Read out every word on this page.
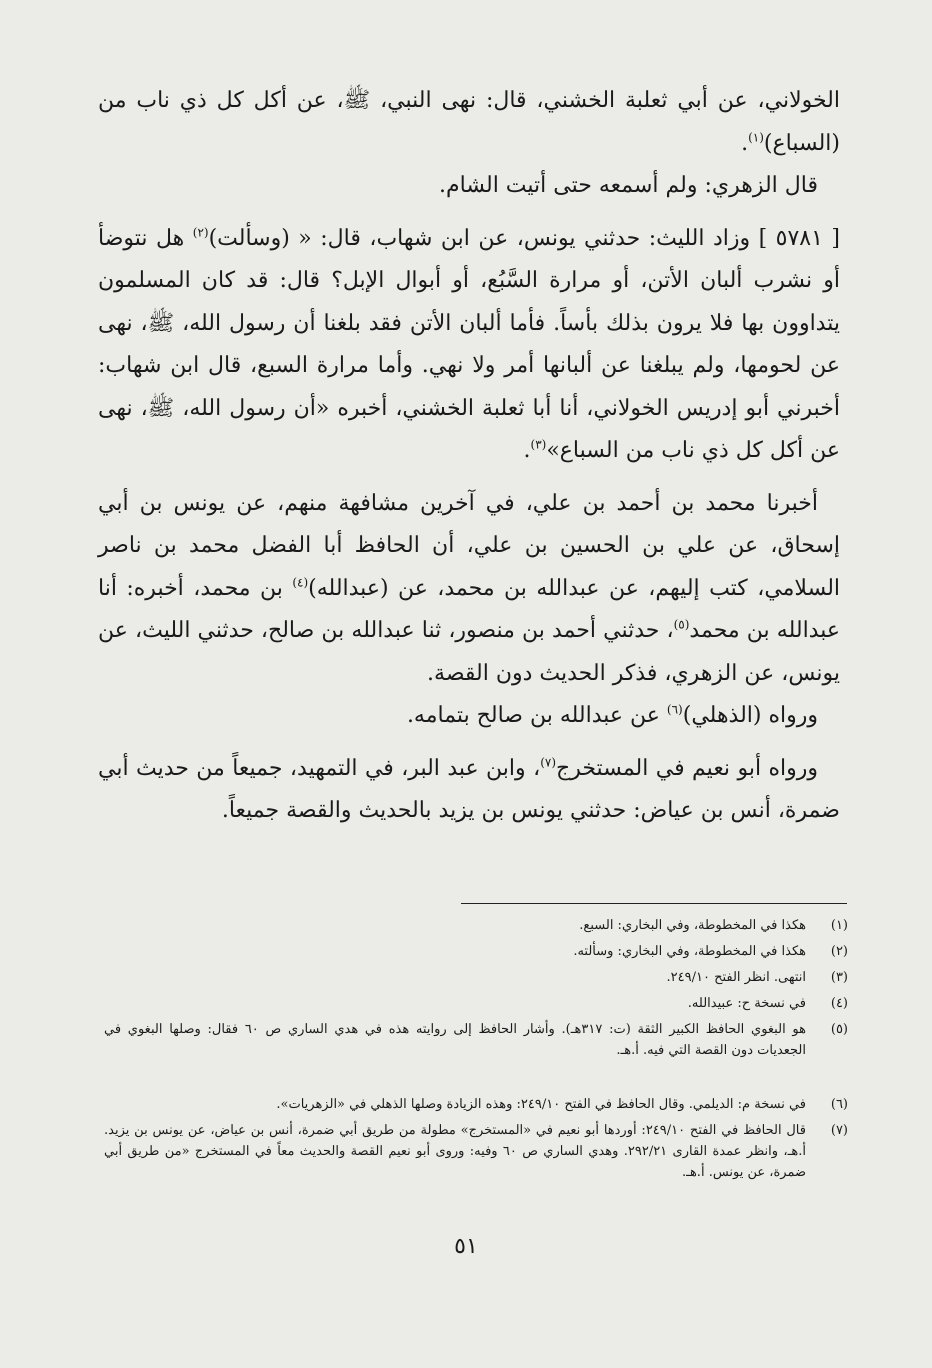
الخولاني، عن أبي ثعلبة الخشني، قال: نهى النبي، ﷺ، عن أكل كل ذي ناب من (السباع)$^{(١)}$.

قال الزهري: ولم أسمعه حتى أتيت الشام.

[ ٥٧٨١ ] وزاد الليث: حدثني يونس، عن ابن شهاب، قال: « (وسألت)$^{(٢)}$ هل نتوضأ أو نشرب ألبان الأتن، أو مرارة السَّبُع، أو أبوال الإبل؟ قال: قد كان المسلمون يتداوون بها فلا يرون بذلك بأساً. فأما ألبان الأتن فقد بلغنا أن رسول الله، ﷺ، نهى عن لحومها، ولم يبلغنا عن ألبانها أمر ولا نهي. وأما مرارة السبع، قال ابن شهاب: أخبرني أبو إدريس الخولاني، أنا أبا ثعلبة الخشني، أخبره «أن رسول الله، ﷺ، نهى عن أكل كل ذي ناب من السباع»$^{(٣)}$.

أخبرنا محمد بن أحمد بن علي، في آخرين مشافهة منهم، عن يونس بن أبي إسحاق، عن علي بن الحسين بن علي، أن الحافظ أبا الفضل محمد بن ناصر السلامي، كتب إليهم، عن عبدالله بن محمد، عن (عبدالله)$^{(٤)}$ بن محمد، أخبره: أنا عبدالله بن محمد$^{(٥)}$، حدثني أحمد بن منصور، ثنا عبدالله بن صالح، حدثني الليث، عن يونس، عن الزهري، فذكر الحديث دون القصة.

ورواه (الذهلي)$^{(٦)}$ عن عبدالله بن صالح بتمامه.

ورواه أبو نعيم في المستخرج$^{(٧)}$، وابن عبد البر، في التمهيد، جميعاً من حديث أبي ضمرة، أنس بن عياض: حدثني يونس بن يزيد بالحديث والقصة جميعاً.

(١)
هكذا في المخطوطة، وفي البخاري: السبع.
(٢)
هكذا في المخطوطة، وفي البخاري: وسألته.
(٣)
انتهى. انظر الفتح ٢٤٩/١٠.
(٤)
في نسخة ح: عبيدالله.
(٥)
هو البغوي الحافظ الكبير الثقة (ت: ٣١٧هـ). وأشار الحافظ إلى روايته هذه في هدي الساري ص ٦٠ فقال: وصلها البغوي في الجعديات دون القصة التي فيه. أ.هـ.
(٦)
في نسخة م: الديلمي. وقال الحافظ في الفتح ٢٤٩/١٠: وهذه الزيادة وصلها الذهلي في «الزهريات».
(٧)
قال الحافظ في الفتح ٢٤٩/١٠: أوردها أبو نعيم في «المستخرج» مطولة من طريق أبي ضمرة، أنس بن عياض، عن يونس بن يزيد. أ.هـ، وانظر عمدة القارى ٢٩٢/٢١. وهدي الساري ص ٦٠ وفيه: وروى أبو نعيم القصة والحديث معاً في المستخرج «من طريق أبي ضمرة، عن يونس. أ.هـ.
٥١
